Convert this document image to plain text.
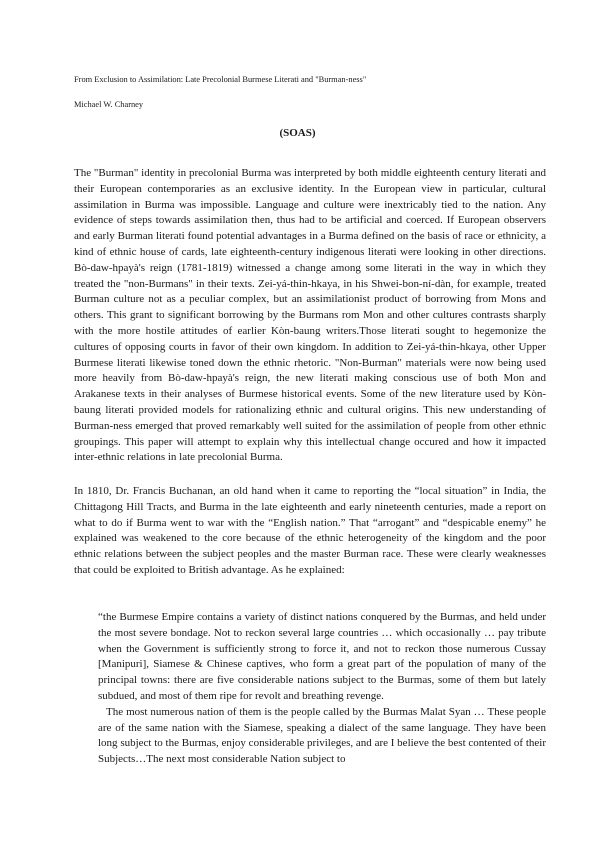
From Exclusion to Assimilation: Late Precolonial Burmese Literati and "Burman-ness"
Michael W. Charney
(SOAS)

The "Burman" identity in precolonial Burma was interpreted by both middle eighteenth century literati and their European contemporaries as an exclusive identity. In the European view in particular, cultural assimilation in Burma was impossible. Language and culture were inextricably tied to the nation. Any evidence of steps towards assimilation then, thus had to be artificial and coerced. If European observers and early Burman literati found potential advantages in a Burma defined on the basis of race or ethnicity, a kind of ethnic house of cards, late eighteenth-century indigenous literati were looking in other directions. Bò-daw-hpayà's reign (1781-1819) witnessed a change among some literati in the way in which they treated the "non-Burmans" in their texts. Zei-yá-thin-hkaya, in his Shwei-bon-ní-dàn, for example, treated Burman culture not as a peculiar complex, but an assimilationist product of borrowing from Mons and others. This grant to significant borrowing by the Burmans rom Mon and other cultures contrasts sharply with the more hostile attitudes of earlier Kòn-baung writers.Those literati sought to hegemonize the cultures of opposing courts in favor of their own kingdom. In addition to Zei-yá-thin-hkaya, other Upper Burmese literati likewise toned down the ethnic rhetoric. "Non-Burman" materials were now being used more heavily from Bò-daw-hpayà's reign, the new literati making conscious use of both Mon and Arakanese texts in their analyses of Burmese historical events. Some of the new literature used by Kòn-baung literati provided models for rationalizing ethnic and cultural origins. This new understanding of Burman-ness emerged that proved remarkably well suited for the assimilation of people from other ethnic groupings. This paper will attempt to explain why this intellectual change occured and how it impacted inter-ethnic relations in late precolonial Burma.

In 1810, Dr. Francis Buchanan, an old hand when it came to reporting the “local situation” in India, the Chittagong Hill Tracts, and Burma in the late eighteenth and early nineteenth centuries, made a report on what to do if Burma went to war with the “English nation.” That “arrogant” and “despicable enemy” he explained was weakened to the core because of the ethnic heterogeneity of the kingdom and the poor ethnic relations between the subject peoples and the master Burman race. These were clearly weaknesses that could be exploited to British advantage. As he explained:

“the Burmese Empire contains a variety of distinct nations conquered by the Burmas, and held under the most severe bondage. Not to reckon several large countries … which occasionally … pay tribute when the Government is sufficiently strong to force it, and not to reckon those numerous Cussay [Manipuri], Siamese & Chinese captives, who form a great part of the population of many of the principal towns: there are five considerable nations subject to the Burmas, some of them but lately subdued, and most of them ripe for revolt and breathing revenge.

The most numerous nation of them is the people called by the Burmas Malat Syan … These people are of the same nation with the Siamese, speaking a dialect of the same language. They have been long subject to the Burmas, enjoy considerable privileges, and are I believe the best contented of their Subjects…The next most considerable Nation subject to
